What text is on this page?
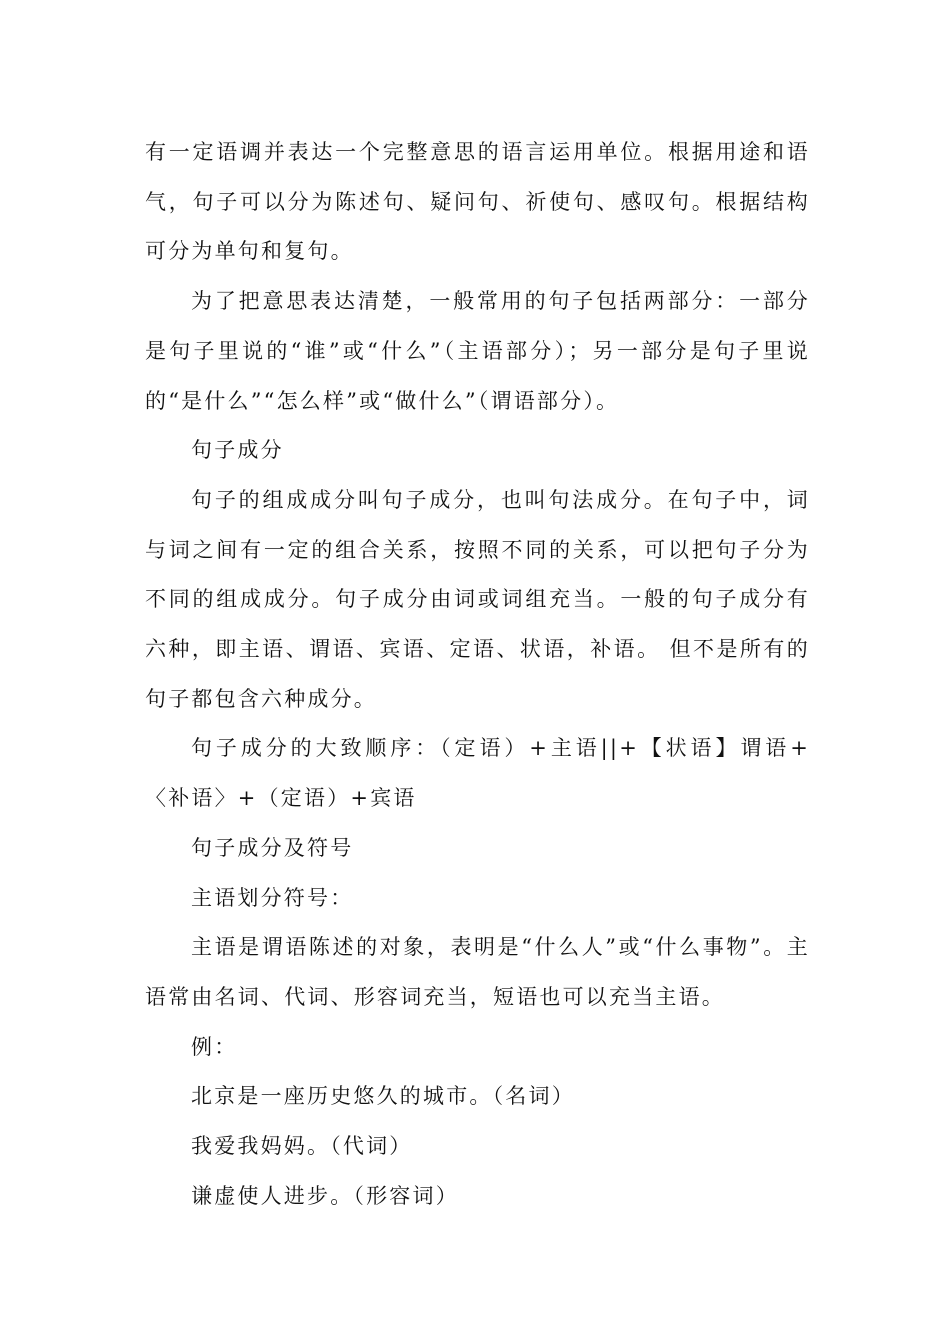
有一定语调并表达一个完整意思的语言运用单位。根据用途和语气，句子可以分为陈述句、疑问句、祈使句、感叹句。根据结构可分为单句和复句。

为了把意思表达清楚，一般常用的句子包括两部分：一部分是句子里说的“谁”或“什么”（主语部分）；另一部分是句子里说的“是什么”“怎么样”或“做什么”（谓语部分）。

句子成分

句子的组成成分叫句子成分，也叫句法成分。在句子中，词与词之间有一定的组合关系，按照不同的关系，可以把句子分为不同的组成成分。句子成分由词或词组充当。一般的句子成分有六种，即主语、谓语、宾语、定语、状语，补语。 但不是所有的句子都包含六种成分。

句子成分的大致顺序：（定语）+主语||+【状语】谓语+〈补语〉+（定语）+宾语

句子成分及符号

主语划分符号：

主语是谓语陈述的对象，表明是“什么人”或“什么事物”。主语常由名词、代词、形容词充当，短语也可以充当主语。

例：

北京是一座历史悠久的城市。（名词）

我爱我妈妈。（代词）

谦虚使人进步。（形容词）
